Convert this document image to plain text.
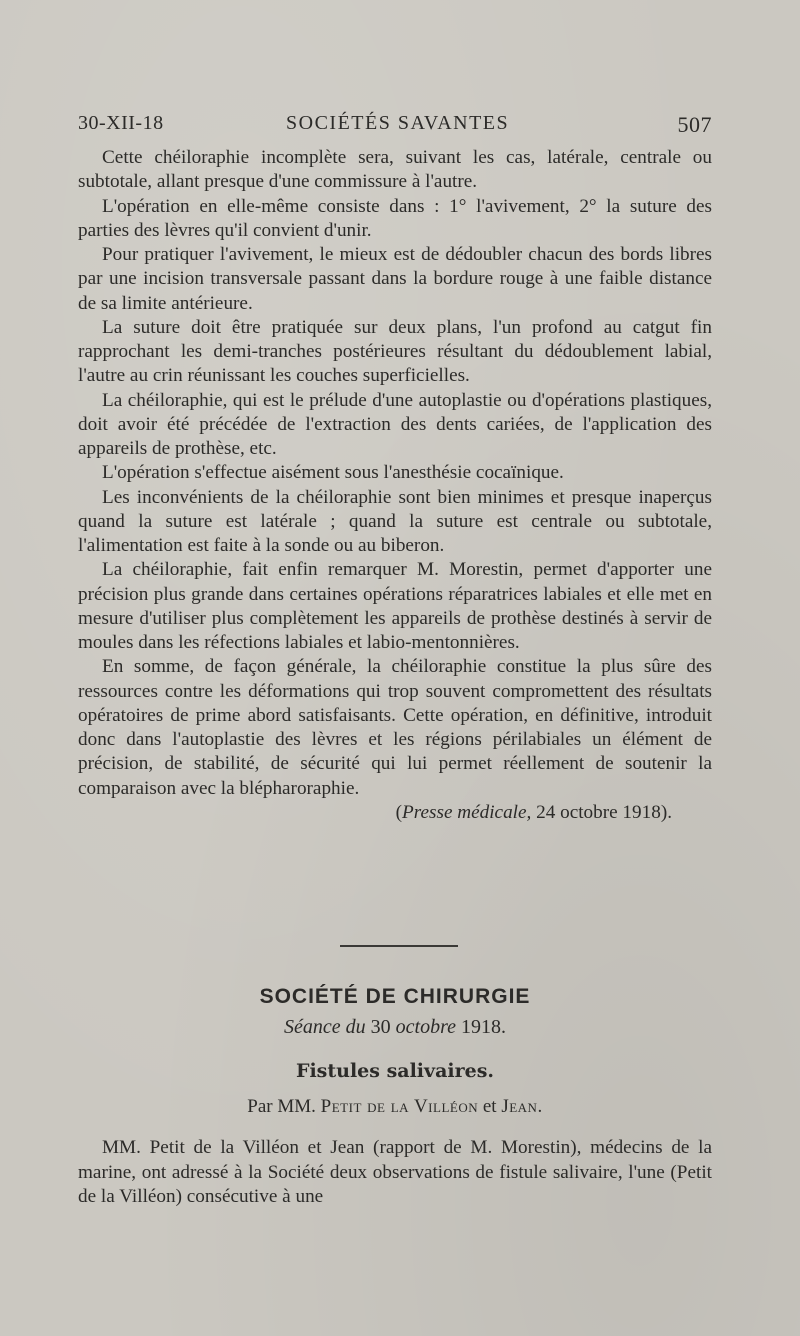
30-XII-18	SOCIÉTÉS SAVANTES	507

Cette chéiloraphie incomplète sera, suivant les cas, latérale, centrale ou subtotale, allant presque d'une commissure à l'autre.

L'opération en elle-même consiste dans : 1° l'avivement, 2° la suture des parties des lèvres qu'il convient d'unir.

Pour pratiquer l'avivement, le mieux est de dédoubler chacun des bords libres par une incision transversale passant dans la bordure rouge à une faible distance de sa limite antérieure.

La suture doit être pratiquée sur deux plans, l'un profond au catgut fin rapprochant les demi-tranches postérieures résultant du dédoublement labial, l'autre au crin réunissant les couches superficielles.

La chéiloraphie, qui est le prélude d'une autoplastie ou d'opérations plastiques, doit avoir été précédée de l'extraction des dents cariées, de l'application des appareils de prothèse, etc.

L'opération s'effectue aisément sous l'anesthésie cocaïnique.

Les inconvénients de la chéiloraphie sont bien minimes et presque inaperçus quand la suture est latérale ; quand la suture est centrale ou subtotale, l'alimentation est faite à la sonde ou au biberon.

La chéiloraphie, fait enfin remarquer M. Morestin, permet d'apporter une précision plus grande dans certaines opérations réparatrices labiales et elle met en mesure d'utiliser plus complètement les appareils de prothèse destinés à servir de moules dans les réfections labiales et labio-mentonnières.

En somme, de façon générale, la chéiloraphie constitue la plus sûre des ressources contre les déformations qui trop souvent compromettent des résultats opératoires de prime abord satisfaisants. Cette opération, en définitive, introduit donc dans l'autoplastie des lèvres et les régions périlabiales un élément de précision, de stabilité, de sécurité qui lui permet réellement de soutenir la comparaison avec la blépharoraphie.

(Presse médicale, 24 octobre 1918).

SOCIÉTÉ DE CHIRURGIE
Séance du 30 octobre 1918.
Fistules salivaires.
Par MM. Petit de la Villéon et Jean.

MM. Petit de la Villéon et Jean (rapport de M. Morestin), médecins de la marine, ont adressé à la Société deux observations de fistule salivaire, l'une (Petit de la Villéon) consécutive à une
